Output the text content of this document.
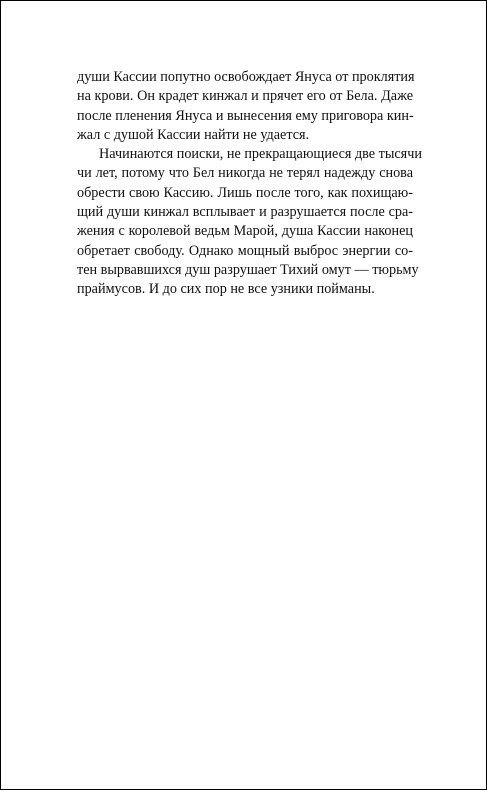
души Кассии попутно освобождает Януса от проклятия
на крови. Он крадет кинжал и прячет его от Бела. Даже
после пленения Януса и вынесения ему приговора кин-
жал с душой Кассии найти не удается.
Начинаются поиски, не прекращающиеся две тысячи
чи лет, потому что Бел никогда не терял надежду снова
обрести свою Кассию. Лишь после того, как похищаю-
щий души кинжал всплывает и разрушается после сра-
жения с королевой ведьм Марой, душа Кассии наконец
обретает свободу. Однако мощный выброс энергии со-
тен вырвавшихся душ разрушает Тихий омут — тюрьму
праймусов. И до сих пор не все узники пойманы.
